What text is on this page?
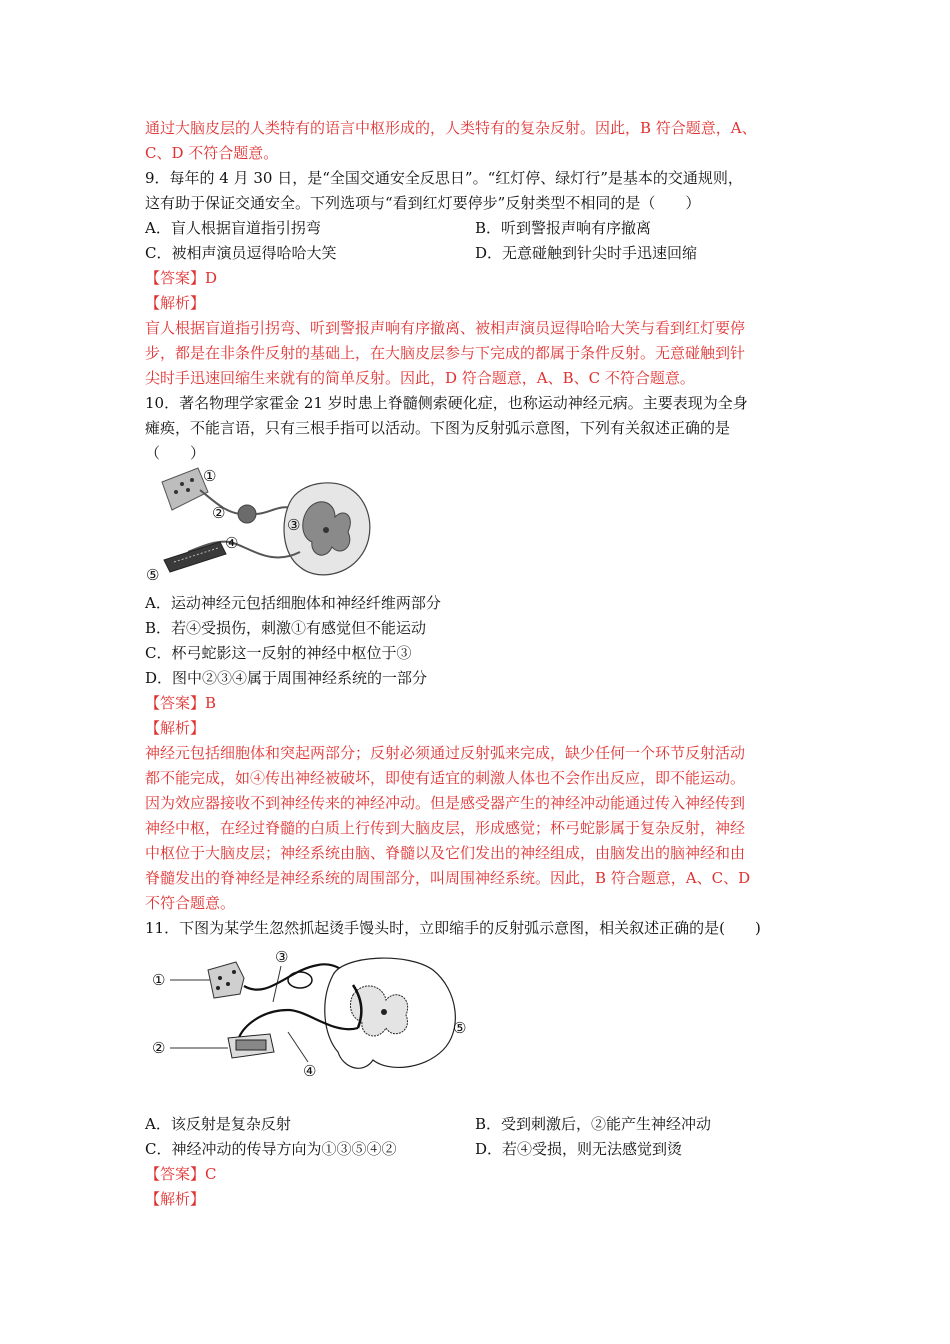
通过大脑皮层的人类特有的语言中枢形成的，人类特有的复杂反射。因此，B 符合题意，A、
C、D 不符合题意。
9．每年的 4 月 30 日，是“全国交通安全反思日”。“红灯停、绿灯行”是基本的交通规则，
这有助于保证交通安全。下列选项与“看到红灯要停步”反射类型不相同的是（　　）
A．盲人根据盲道指引拐弯	B．听到警报声响有序撤离
C．被相声演员逗得哈哈大笑	D．无意碰触到针尖时手迅速回缩
【答案】D
【解析】
盲人根据盲道指引拐弯、听到警报声响有序撤离、被相声演员逗得哈哈大笑与看到红灯要停
步，都是在非条件反射的基础上，在大脑皮层参与下完成的都属于条件反射。无意碰触到针
尖时手迅速回缩生来就有的简单反射。因此，D 符合题意，A、B、C 不符合题意。
10．著名物理学家霍金 21 岁时患上脊髓侧索硬化症，也称运动神经元病。主要表现为全身
瘫痪，不能言语，只有三根手指可以活动。下图为反射弧示意图，下列有关叙述正确的是
（　　）
①
②
③
④
⑤
A．运动神经元包括细胞体和神经纤维两部分
B．若④受损伤，刺激①有感觉但不能运动
C．杯弓蛇影这一反射的神经中枢位于③
D．图中②③④属于周围神经系统的一部分
【答案】B
【解析】
神经元包括细胞体和突起两部分；反射必须通过反射弧来完成，缺少任何一个环节反射活动
都不能完成，如④传出神经被破坏，即使有适宜的刺激人体也不会作出反应，即不能运动。
因为效应器接收不到神经传来的神经冲动。但是感受器产生的神经冲动能通过传入神经传到
神经中枢，在经过脊髓的白质上行传到大脑皮层，形成感觉；杯弓蛇影属于复杂反射，神经
中枢位于大脑皮层；神经系统由脑、脊髓以及它们发出的神经组成，由脑发出的脑神经和由
脊髓发出的脊神经是神经系统的周围部分，叫周围神经系统。因此，B 符合题意，A、C、D
不符合题意。
11．下图为某学生忽然抓起烫手馒头时，立即缩手的反射弧示意图，相关叙述正确的是(　　)
①
②
③
④
⑤
A．该反射是复杂反射	B．受到刺激后，②能产生神经冲动
C．神经冲动的传导方向为①③⑤④②	D．若④受损，则无法感觉到烫
【答案】C
【解析】
